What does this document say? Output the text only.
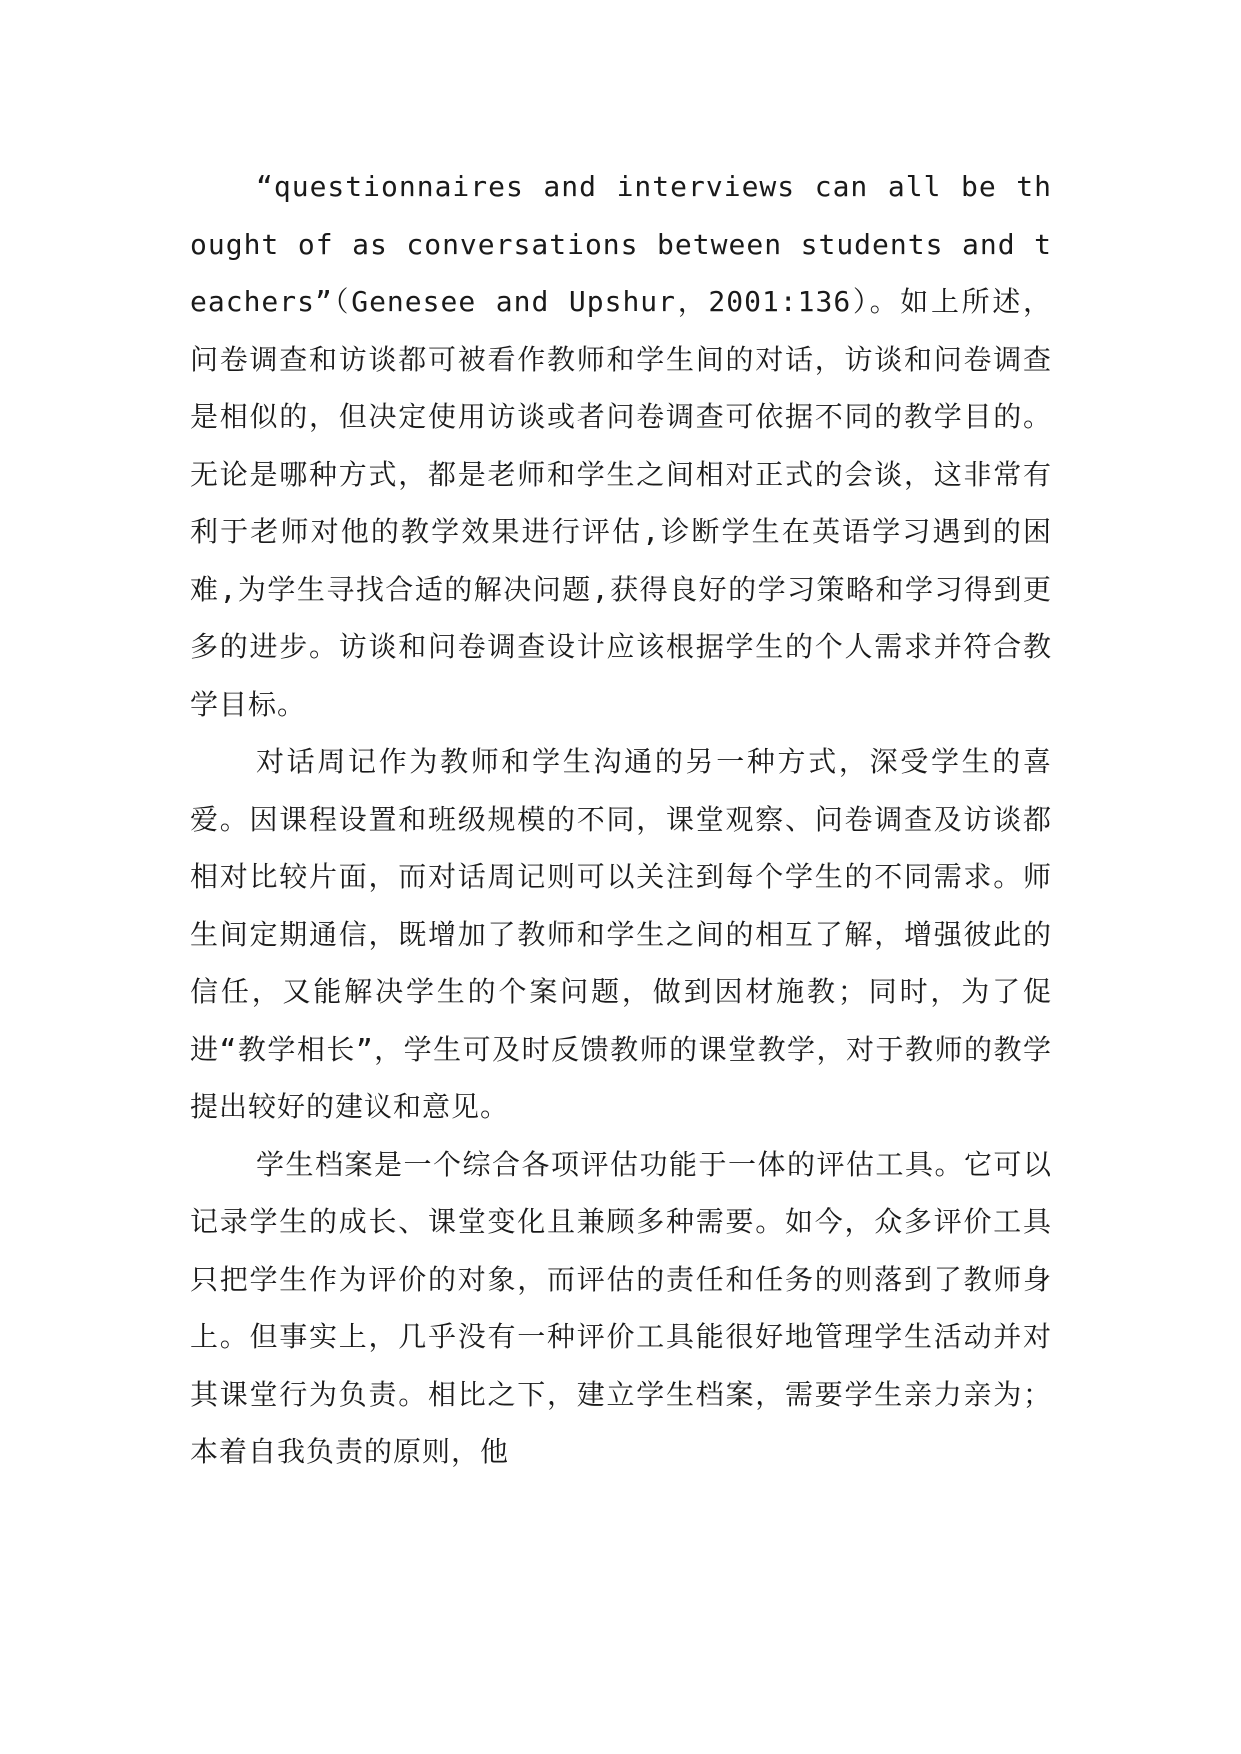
“questionnaires and interviews can all be thought of as conversations between students and teachers”（Genesee and Upshur，2001:136）。如上所述，问卷调查和访谈都可被看作教师和学生间的对话，访谈和问卷调查是相似的，但决定使用访谈或者问卷调查可依据不同的教学目的。无论是哪种方式，都是老师和学生之间相对正式的会谈，这非常有利于老师对他的教学效果进行评估,诊断学生在英语学习遇到的困难,为学生寻找合适的解决问题,获得良好的学习策略和学习得到更多的进步。访谈和问卷调查设计应该根据学生的个人需求并符合教学目标。

对话周记作为教师和学生沟通的另一种方式，深受学生的喜爱。因课程设置和班级规模的不同，课堂观察、问卷调查及访谈都相对比较片面，而对话周记则可以关注到每个学生的不同需求。师生间定期通信，既增加了教师和学生之间的相互了解，增强彼此的信任，又能解决学生的个案问题，做到因材施教；同时，为了促进“教学相长”，学生可及时反馈教师的课堂教学，对于教师的教学提出较好的建议和意见。

学生档案是一个综合各项评估功能于一体的评估工具。它可以记录学生的成长、课堂变化且兼顾多种需要。如今，众多评价工具只把学生作为评价的对象，而评估的责任和任务的则落到了教师身上。但事实上，几乎没有一种评价工具能很好地管理学生活动并对其课堂行为负责。相比之下，建立学生档案，需要学生亲力亲为；本着自我负责的原则，他
